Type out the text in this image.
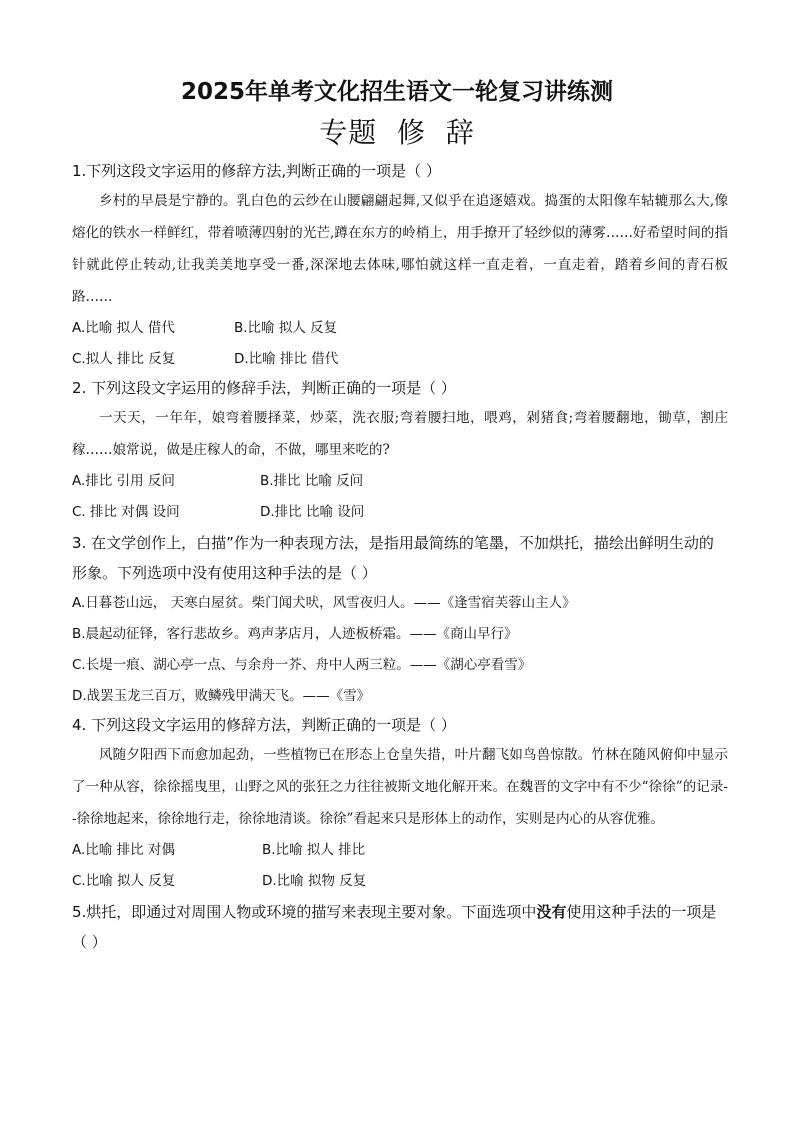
2025年单考文化招生语文一轮复习讲练测
专题  修  辞

1.下列这段文字运用的修辞方法,判断正确的一项是（ ）

乡村的早晨是宁静的。乳白色的云纱在山腰翩翩起舞,又似乎在追逐嬉戏。捣蛋的太阳像车轱辘那么大,像熔化的铁水一样鲜红，带着喷薄四射的光芒,蹲在东方的岭梢上，用手撩开了轻纱似的薄雾……好希望时间的指针就此停止转动,让我美美地享受一番,深深地去体味,哪怕就这样一直走着，一直走着，踏着乡间的青石板路……

A.比喻 拟人 借代	B.比喻 拟人 反复

C.拟人 排比 反复	D.比喻 排比 借代

2. 下列这段文字运用的修辞手法，判断正确的一项是（ ）

一天天，一年年，娘弯着腰择菜，炒菜，洗衣服;弯着腰扫地，喂鸡，剁猪食;弯着腰翻地，锄草，割庄稼……娘常说，做是庄稼人的命，不做，哪里来吃的?

A.排比 引用 反问	B.排比 比喻 反问

C. 排比 对偶 设问	D.排比 比喻 设问

3. 在文学创作上，白描”作为一种表现方法，是指用最简练的笔墨，不加烘托，描绘出鲜明生动的形象。下列选项中没有使用这种手法的是（ ）

A.日暮苍山远， 天寒白屋贫。柴门闻犬吠，风雪夜归人。——《逢雪宿芙蓉山主人》

B.晨起动征铎，客行悲故乡。鸡声茅店月，人迹板桥霜。——《商山早行》

C.长堤一痕、湖心亭一点、与余舟一芥、舟中人两三粒。——《湖心亭看雪》

D.战罢玉龙三百万，败鳞残甲满天飞。——《雪》

4. 下列这段文字运用的修辞方法，判断正确的一项是（ ）

风随夕阳西下而愈加起劲，一些植物已在形态上仓皇失措，叶片翻飞如鸟兽惊散。竹林在随风俯仰中显示了一种从容，徐徐摇曳里，山野之风的张狂之力往往被斯文地化解开来。在魏晋的文字中有不少“徐徐”的记录--徐徐地起来，徐徐地行走，徐徐地清谈。徐徐”看起来只是形体上的动作，实则是内心的从容优雅。

A.比喻 排比 对偶	B.比喻 拟人 排比

C.比喻 拟人 反复	D.比喻 拟物 反复

5.烘托，即通过对周围人物或环境的描写来表现主要对象。下面选项中没有使用这种手法的一项是（ ）
